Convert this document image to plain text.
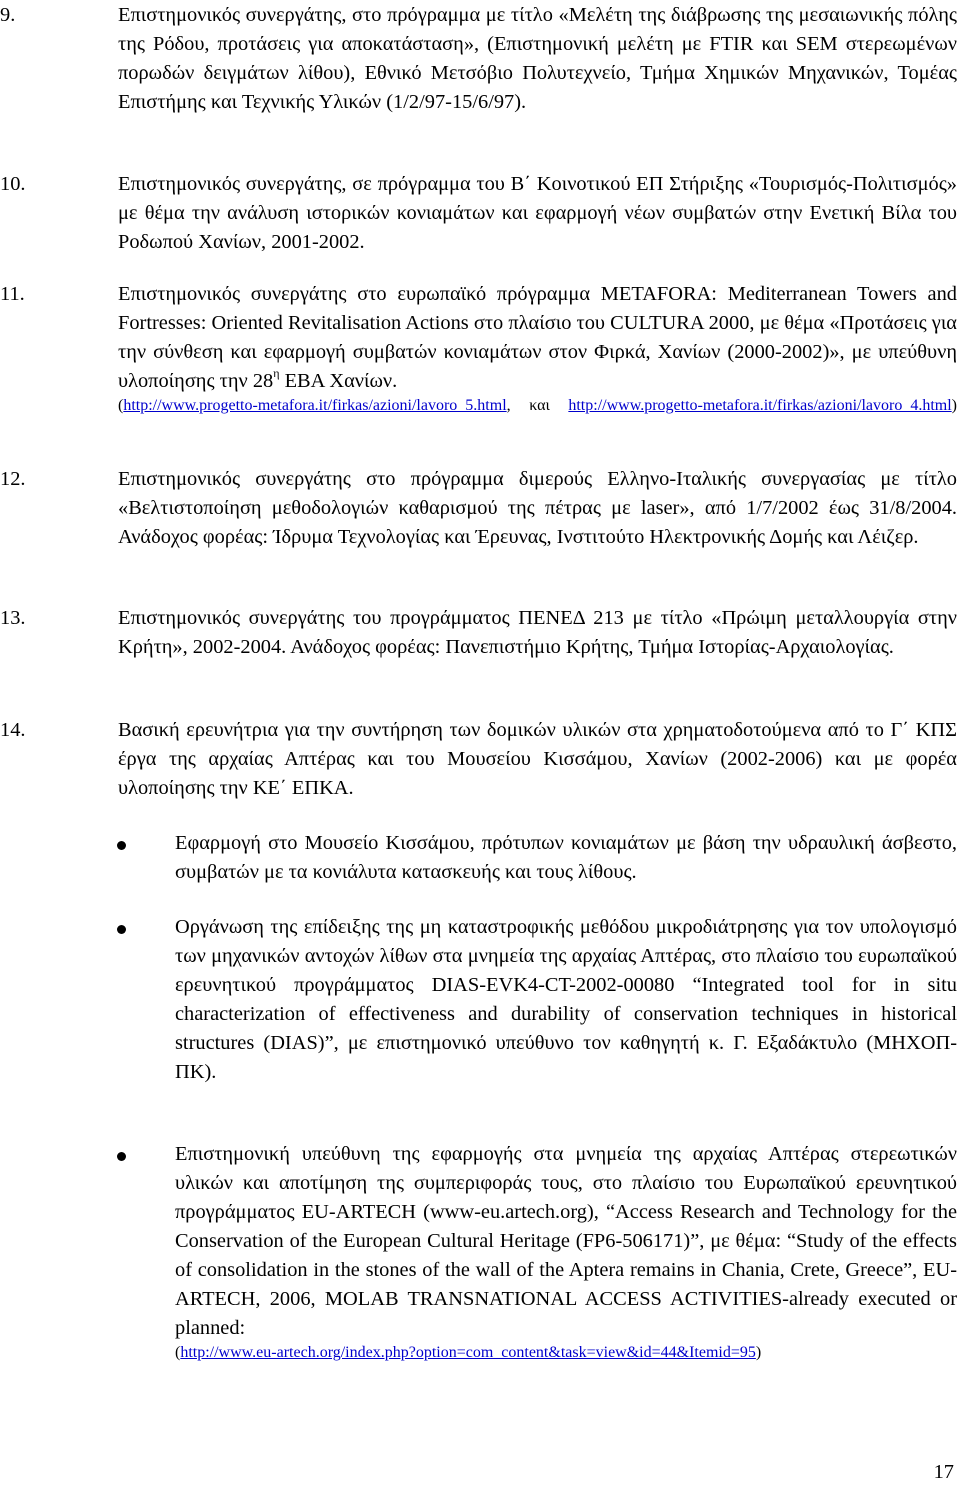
9.	Επιστημονικός συνεργάτης, στο πρόγραμμα με τίτλο «Μελέτη της διάβρωσης της μεσαιωνικής πόλης της Ρόδου, προτάσεις για αποκατάσταση», (Επιστημονική μελέτη με FTIR και SEM στερεωμένων πορωδών δειγμάτων λίθου), Εθνικό Μετσόβιο Πολυτεχνείο, Τμήμα Χημικών Μηχανικών, Τομέας Επιστήμης και Τεχνικής Υλικών (1/2/97-15/6/97).
10.	Επιστημονικός συνεργάτης, σε πρόγραμμα του Β΄ Κοινοτικού ΕΠ Στήριξης «Τουρισμός-Πολιτισμός» με θέμα την ανάλυση ιστορικών κονιαμάτων και εφαρμογή νέων συμβατών στην Ενετική Βίλα του Ροδωπού Χανίων, 2001-2002.
11.	Επιστημονικός συνεργάτης στο ευρωπαϊκό πρόγραμμα METAFORA: Mediterranean Towers and Fortresses: Oriented Revitalisation Actions στο πλαίσιο του CULTURA 2000, με θέμα «Προτάσεις για την σύνθεση και εφαρμογή συμβατών κονιαμάτων στον Φιρκά, Χανίων (2000-2002)», με υπεύθυνη υλοποίησης την $28^\eta$ ΕΒΑ Χανίων.
(http://www.progetto-metafora.it/firkas/azioni/lavoro_5.html, και http://www.progetto-metafora.it/firkas/azioni/lavoro_4.html)
12.	Επιστημονικός συνεργάτης στο πρόγραμμα διμερούς Ελληνο-Ιταλικής συνεργασίας με τίτλο «Βελτιστοποίηση μεθοδολογιών καθαρισμού της πέτρας με laser», από 1/7/2002 έως 31/8/2004. Ανάδοχος φορέας: Ίδρυμα Τεχνολογίας και Έρευνας, Ινστιτούτο Ηλεκτρονικής Δομής και Λέιζερ.
13.	Επιστημονικός συνεργάτης του προγράμματος ΠΕΝΕΔ 213 με τίτλο «Πρώιμη μεταλλουργία στην Κρήτη», 2002-2004. Ανάδοχος φορέας: Πανεπιστήμιο Κρήτης, Τμήμα Ιστορίας-Αρχαιολογίας.
14.	Βασική ερευνήτρια για την συντήρηση των δομικών υλικών στα χρηματοδοτούμενα από το Γ΄ ΚΠΣ έργα της αρχαίας Απτέρας και του Μουσείου Κισσάμου, Χανίων (2002-2006) και με φορέα υλοποίησης την ΚΕ΄ ΕΠΚΑ.
Εφαρμογή στο Μουσείο Κισσάμου, πρότυπων κονιαμάτων με βάση την υδραυλική άσβεστο, συμβατών με τα κονιάλυτα κατασκευής και τους λίθους.
Οργάνωση της επίδειξης της μη καταστροφικής μεθόδου μικροδιάτρησης για τον υπολογισμό των μηχανικών αντοχών λίθων στα μνημεία της αρχαίας Απτέρας, στο πλαίσιο του ευρωπαϊκού ερευνητικού προγράμματος DIAS-EVK4-CT-2002-00080 “Integrated tool for in situ characterization of effectiveness and durability of conservation techniques in historical structures (DIAS)”, με επιστημονικό υπεύθυνο τον καθηγητή κ. Γ. Εξαδάκτυλο (ΜΗΧΟΠ-ΠΚ).
Επιστημονική υπεύθυνη της εφαρμογής στα μνημεία της αρχαίας Απτέρας στερεωτικών υλικών και αποτίμηση της συμπεριφοράς τους, στο πλαίσιο του Ευρωπαϊκού ερευνητικού προγράμματος EU-ARTECH (www-eu.artech.org), “Access Research and Technology for the Conservation of the European Cultural Heritage (FP6-506171)”, με θέμα: “Study of the effects of consolidation in the stones of the wall of the Aptera remains in Chania, Crete, Greece”, EU-ARTECH, 2006, MOLAB TRANSNATIONAL ACCESS ACTIVITIES-already executed or planned:
(http://www.eu-artech.org/index.php?option=com_content&task=view&id=44&Itemid=95)
17
